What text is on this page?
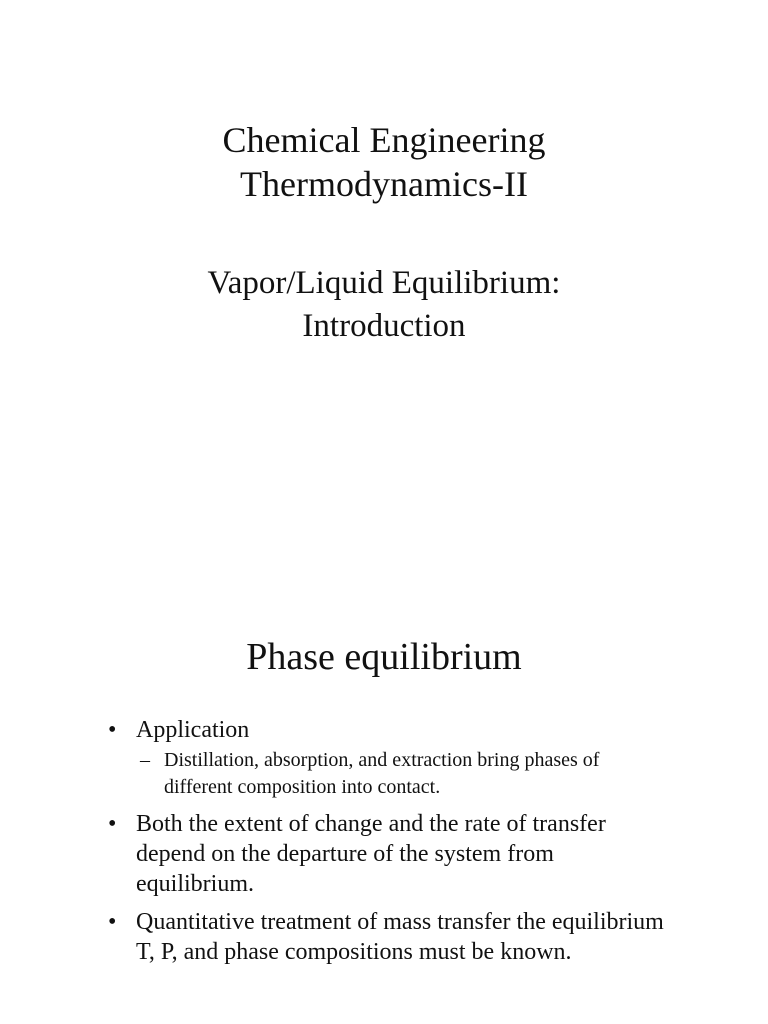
Chemical Engineering
Thermodynamics-II
Vapor/Liquid Equilibrium:
Introduction
Phase equilibrium
• Application
– Distillation, absorption, and extraction bring phases of different composition into contact.
• Both the extent of change and the rate of transfer depend on the departure of the system from equilibrium.
• Quantitative treatment of mass transfer the equilibrium T, P, and phase compositions must be known.
